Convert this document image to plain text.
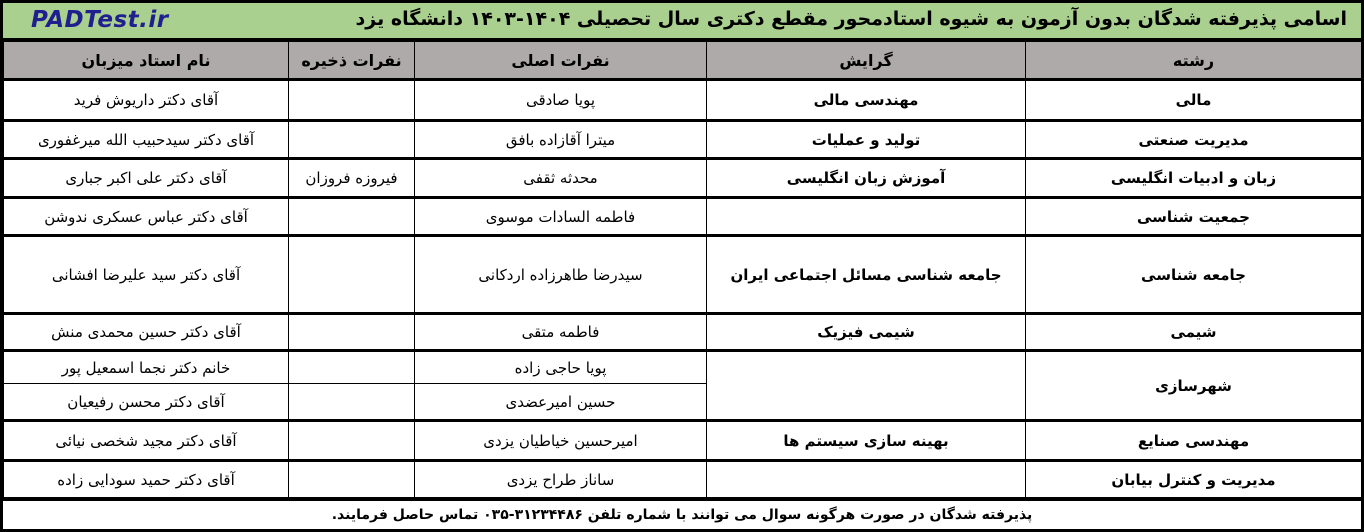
PADTest.ir	اسامی پذیرفته شدگان بدون آزمون به شیوه استادمحور مقطع دکتری سال تحصیلی ۱۴۰۴-۱۴۰۳ دانشگاه یزد
نام استاد میزبان	نفرات ذخیره	نفرات اصلی	گرایش	رشته
آقای دکتر داریوش فرید		پویا صادقی	مهندسی مالی	مالی
آقای دکتر سیدحبیب الله میرغفوری		میترا آقازاده بافق	تولید و عملیات	مدیریت صنعتی
آقای دکتر علی اکبر جباری	فیروزه فروزان	محدثه ثقفی	آموزش زبان انگلیسی	زبان و ادبیات انگلیسی
آقای دکتر عباس عسکری ندوشن		فاطمه السادات موسوی		جمعیت شناسی
آقای دکتر سید علیرضا افشانی		سیدرضا طاهرزاده اردکانی	جامعه شناسی مسائل اجتماعی ایران	جامعه شناسی
آقای دکتر حسین محمدی منش		فاطمه متقی	شیمی فیزیک	شیمی
خانم دکتر نجما اسمعیل پور		پویا حاجی زاده		شهرسازی
آقای دکتر محسن رفیعیان		حسین امیرعضدی		
آقای دکتر مجید شخصی نیائی		امیرحسین خیاطیان یزدی	بهینه سازی سیستم ها	مهندسی صنایع
آقای دکتر حمید سودایی زاده		ساناز طراح یزدی		مدیریت و کنترل بیابان
پذیرفته شدگان در صورت هرگونه سوال می توانند با شماره تلفن ۳۱۲۳۴۴۸۶-۰۳۵ تماس حاصل فرمایند.
